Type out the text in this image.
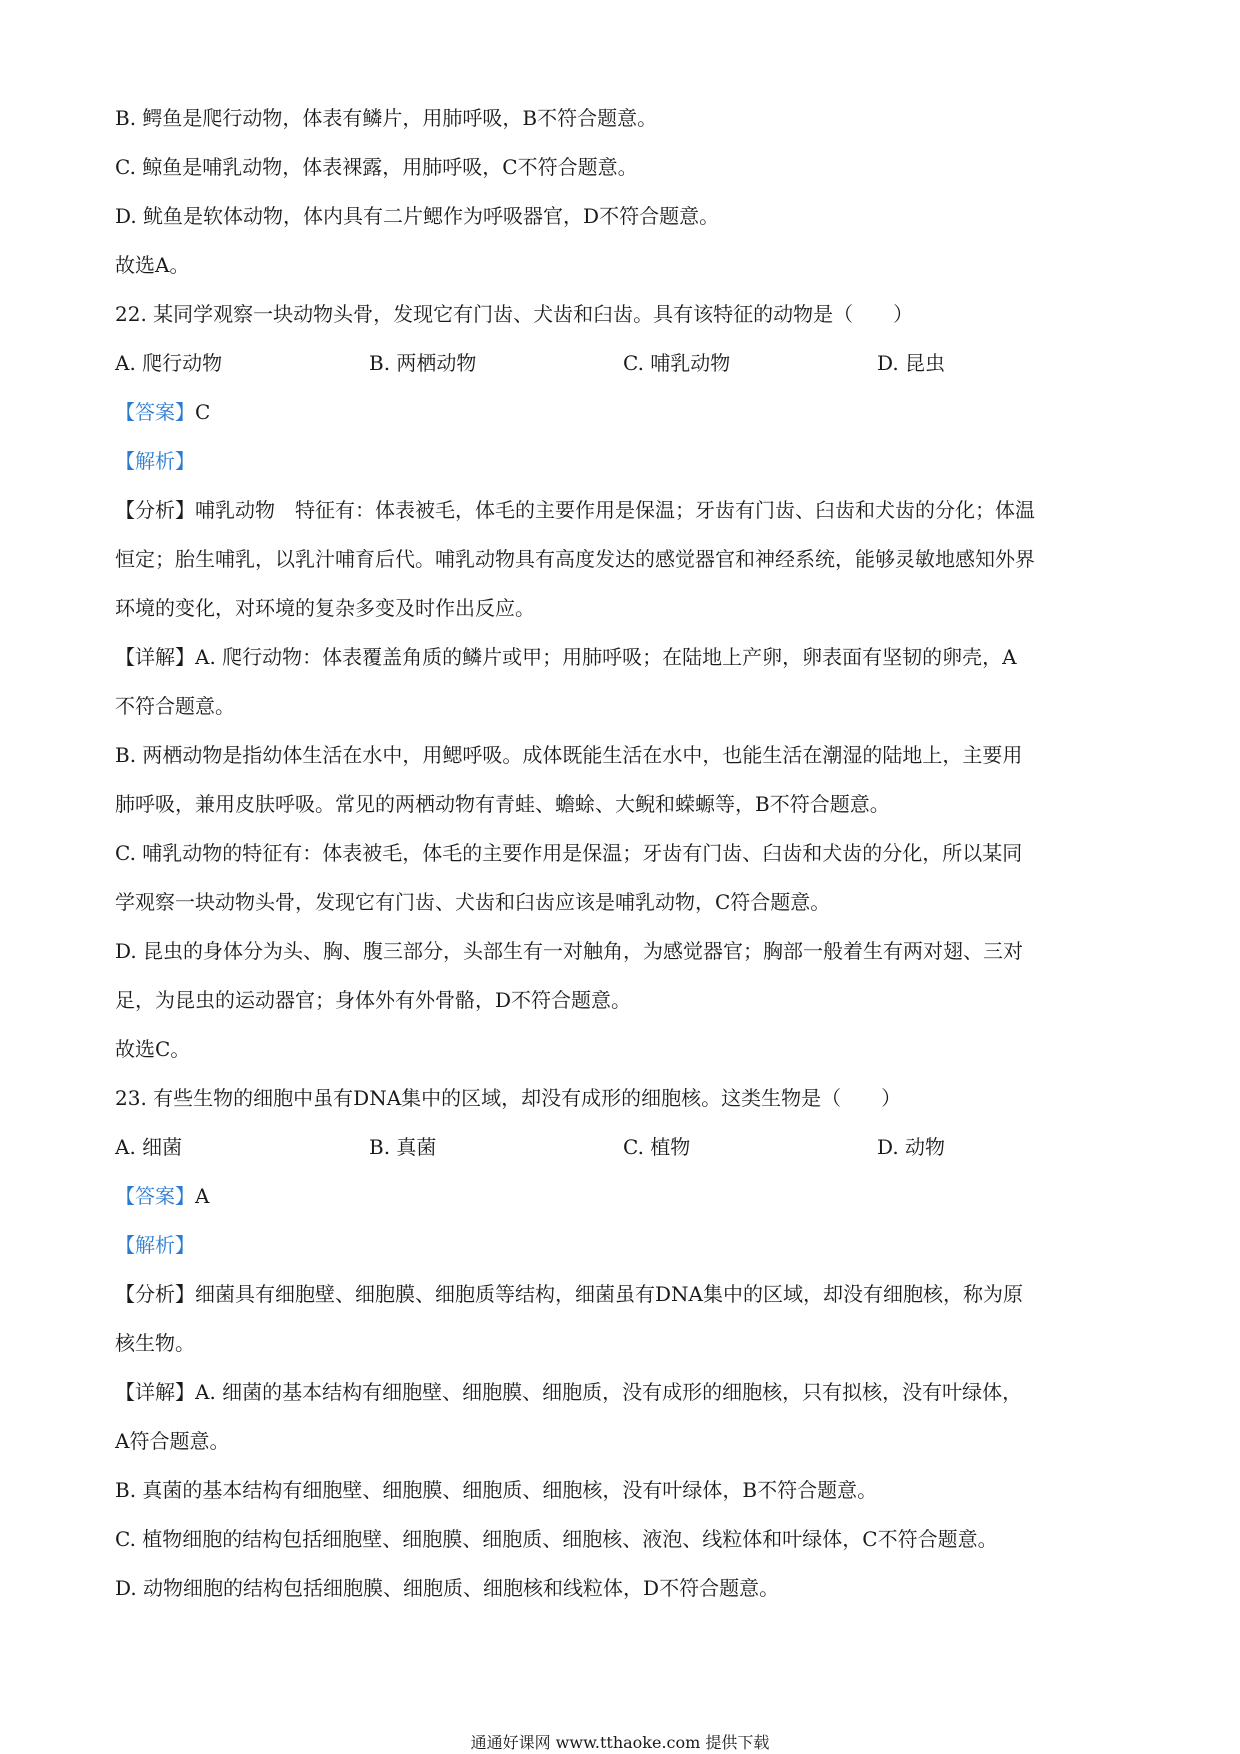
B. 鳄鱼是爬行动物，体表有鳞片，用肺呼吸，B不符合题意。
C. 鲸鱼是哺乳动物，体表裸露，用肺呼吸，C不符合题意。
D. 鱿鱼是软体动物，体内具有二片鳃作为呼吸器官，D不符合题意。
故选A。
22. 某同学观察一块动物头骨，发现它有门齿、犬齿和臼齿。具有该特征的动物是（　　）
A. 爬行动物	B. 两栖动物	C. 哺乳动物	D. 昆虫
【答案】C
【解析】
【分析】哺乳动物　特征有：体表被毛，体毛的主要作用是保温；牙齿有门齿、臼齿和犬齿的分化；体温
恒定；胎生哺乳，以乳汁哺育后代。哺乳动物具有高度发达的感觉器官和神经系统，能够灵敏地感知外界
环境的变化，对环境的复杂多变及时作出反应。
【详解】A. 爬行动物：体表覆盖角质的鳞片或甲；用肺呼吸；在陆地上产卵，卵表面有坚韧的卵壳，A
不符合题意。
B. 两栖动物是指幼体生活在水中，用鳃呼吸。成体既能生活在水中，也能生活在潮湿的陆地上，主要用
肺呼吸，兼用皮肤呼吸。常见的两栖动物有青蛙、蟾蜍、大鲵和蝾螈等，B不符合题意。
C. 哺乳动物的特征有：体表被毛，体毛的主要作用是保温；牙齿有门齿、臼齿和犬齿的分化，所以某同
学观察一块动物头骨，发现它有门齿、犬齿和臼齿应该是哺乳动物，C符合题意。
D. 昆虫的身体分为头、胸、腹三部分，头部生有一对触角，为感觉器官；胸部一般着生有两对翅、三对
足，为昆虫的运动器官；身体外有外骨骼，D不符合题意。
故选C。
23. 有些生物的细胞中虽有DNA集中的区域，却没有成形的细胞核。这类生物是（　　）
A. 细菌	B. 真菌	C. 植物	D. 动物
【答案】A
【解析】
【分析】细菌具有细胞壁、细胞膜、细胞质等结构，细菌虽有DNA集中的区域，却没有细胞核，称为原
核生物。
【详解】A. 细菌的基本结构有细胞壁、细胞膜、细胞质，没有成形的细胞核，只有拟核，没有叶绿体，
A符合题意。
B. 真菌的基本结构有细胞壁、细胞膜、细胞质、细胞核，没有叶绿体，B不符合题意。
C. 植物细胞的结构包括细胞壁、细胞膜、细胞质、细胞核、液泡、线粒体和叶绿体，C不符合题意。
D. 动物细胞的结构包括细胞膜、细胞质、细胞核和线粒体，D不符合题意。
通通好课网 www.tthaoke.com 提供下载
